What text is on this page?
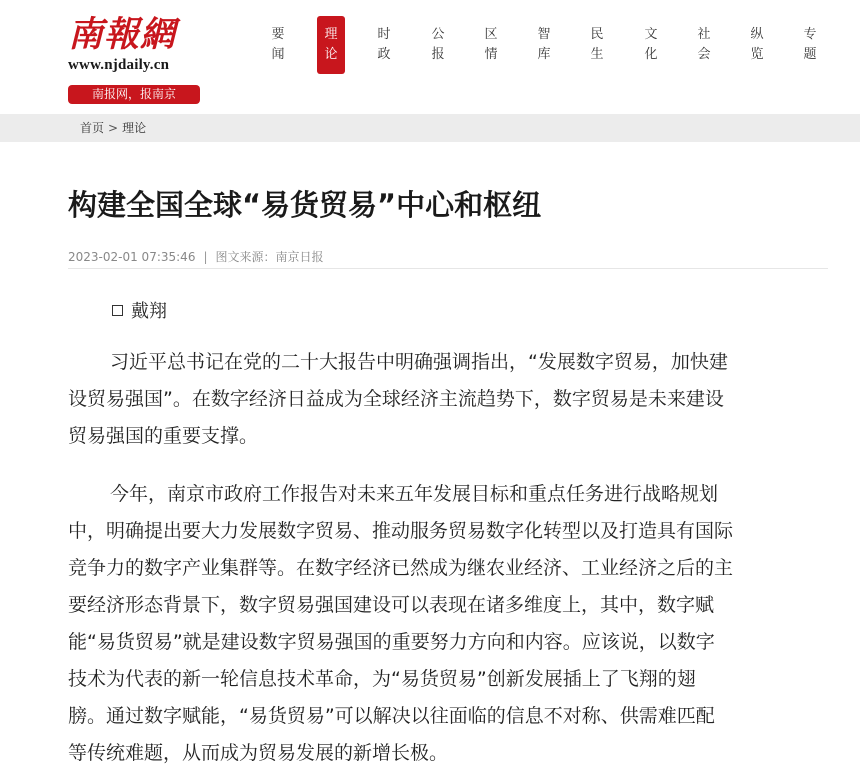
南報網
www.njdaily.cn
南报网，报南京
要
闻
理
论
时
政
公
报
区
情
智
库
民
生
文
化
社
会
纵
览
专
题
首页 > 理论
构建全国全球“易货贸易”中心和枢纽
2023-02-01 07:35:46 | 图文来源：南京日报
戴翔

习近平总书记在党的二十大报告中明确强调指出，“发展数字贸易，加快建
设贸易强国”。在数字经济日益成为全球经济主流趋势下，数字贸易是未来建设
贸易强国的重要支撑。

今年，南京市政府工作报告对未来五年发展目标和重点任务进行战略规划
中，明确提出要大力发展数字贸易、推动服务贸易数字化转型以及打造具有国际
竞争力的数字产业集群等。在数字经济已然成为继农业经济、工业经济之后的主
要经济形态背景下，数字贸易强国建设可以表现在诸多维度上，其中，数字赋
能“易货贸易”就是建设数字贸易强国的重要努力方向和内容。应该说，以数字
技术为代表的新一轮信息技术革命，为“易货贸易”创新发展插上了飞翔的翅
膀。通过数字赋能，“易货贸易”可以解决以往面临的信息不对称、供需难匹配
等传统难题，从而成为贸易发展的新增长极。
